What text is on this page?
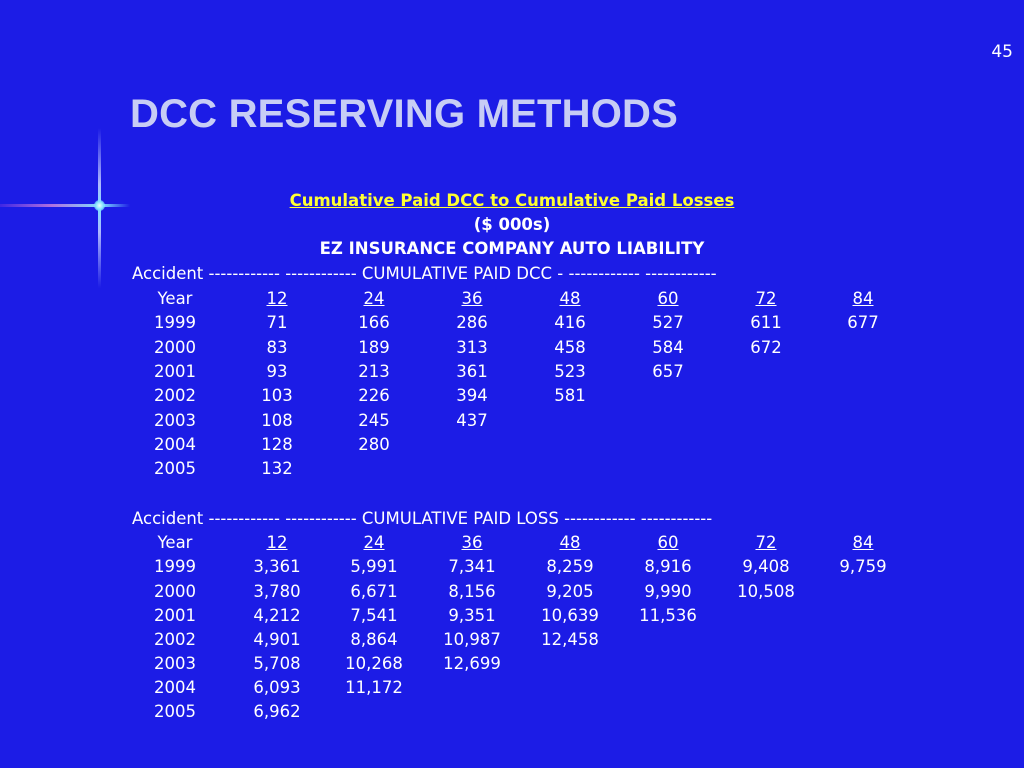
45
DCC RESERVING METHODS
Cumulative Paid DCC to Cumulative Paid Losses
($ 000s)
EZ INSURANCE COMPANY AUTO LIABILITY
Accident ------------ ------------ CUMULATIVE PAID DCC - ------------ ------------
Year	12	24	36	48	60	72	84
1999	71	166	286	416	527	611	677
2000	83	189	313	458	584	672
2001	93	213	361	523	657
2002	103	226	394	581
2003	108	245	437
2004	128	280
2005	132
Accident ------------ ------------ CUMULATIVE PAID LOSS ------------ ------------
Year	12	24	36	48	60	72	84
1999	3,361	5,991	7,341	8,259	8,916	9,408	9,759
2000	3,780	6,671	8,156	9,205	9,990	10,508
2001	4,212	7,541	9,351	10,639	11,536
2002	4,901	8,864	10,987	12,458
2003	5,708	10,268	12,699
2004	6,093	11,172
2005	6,962
